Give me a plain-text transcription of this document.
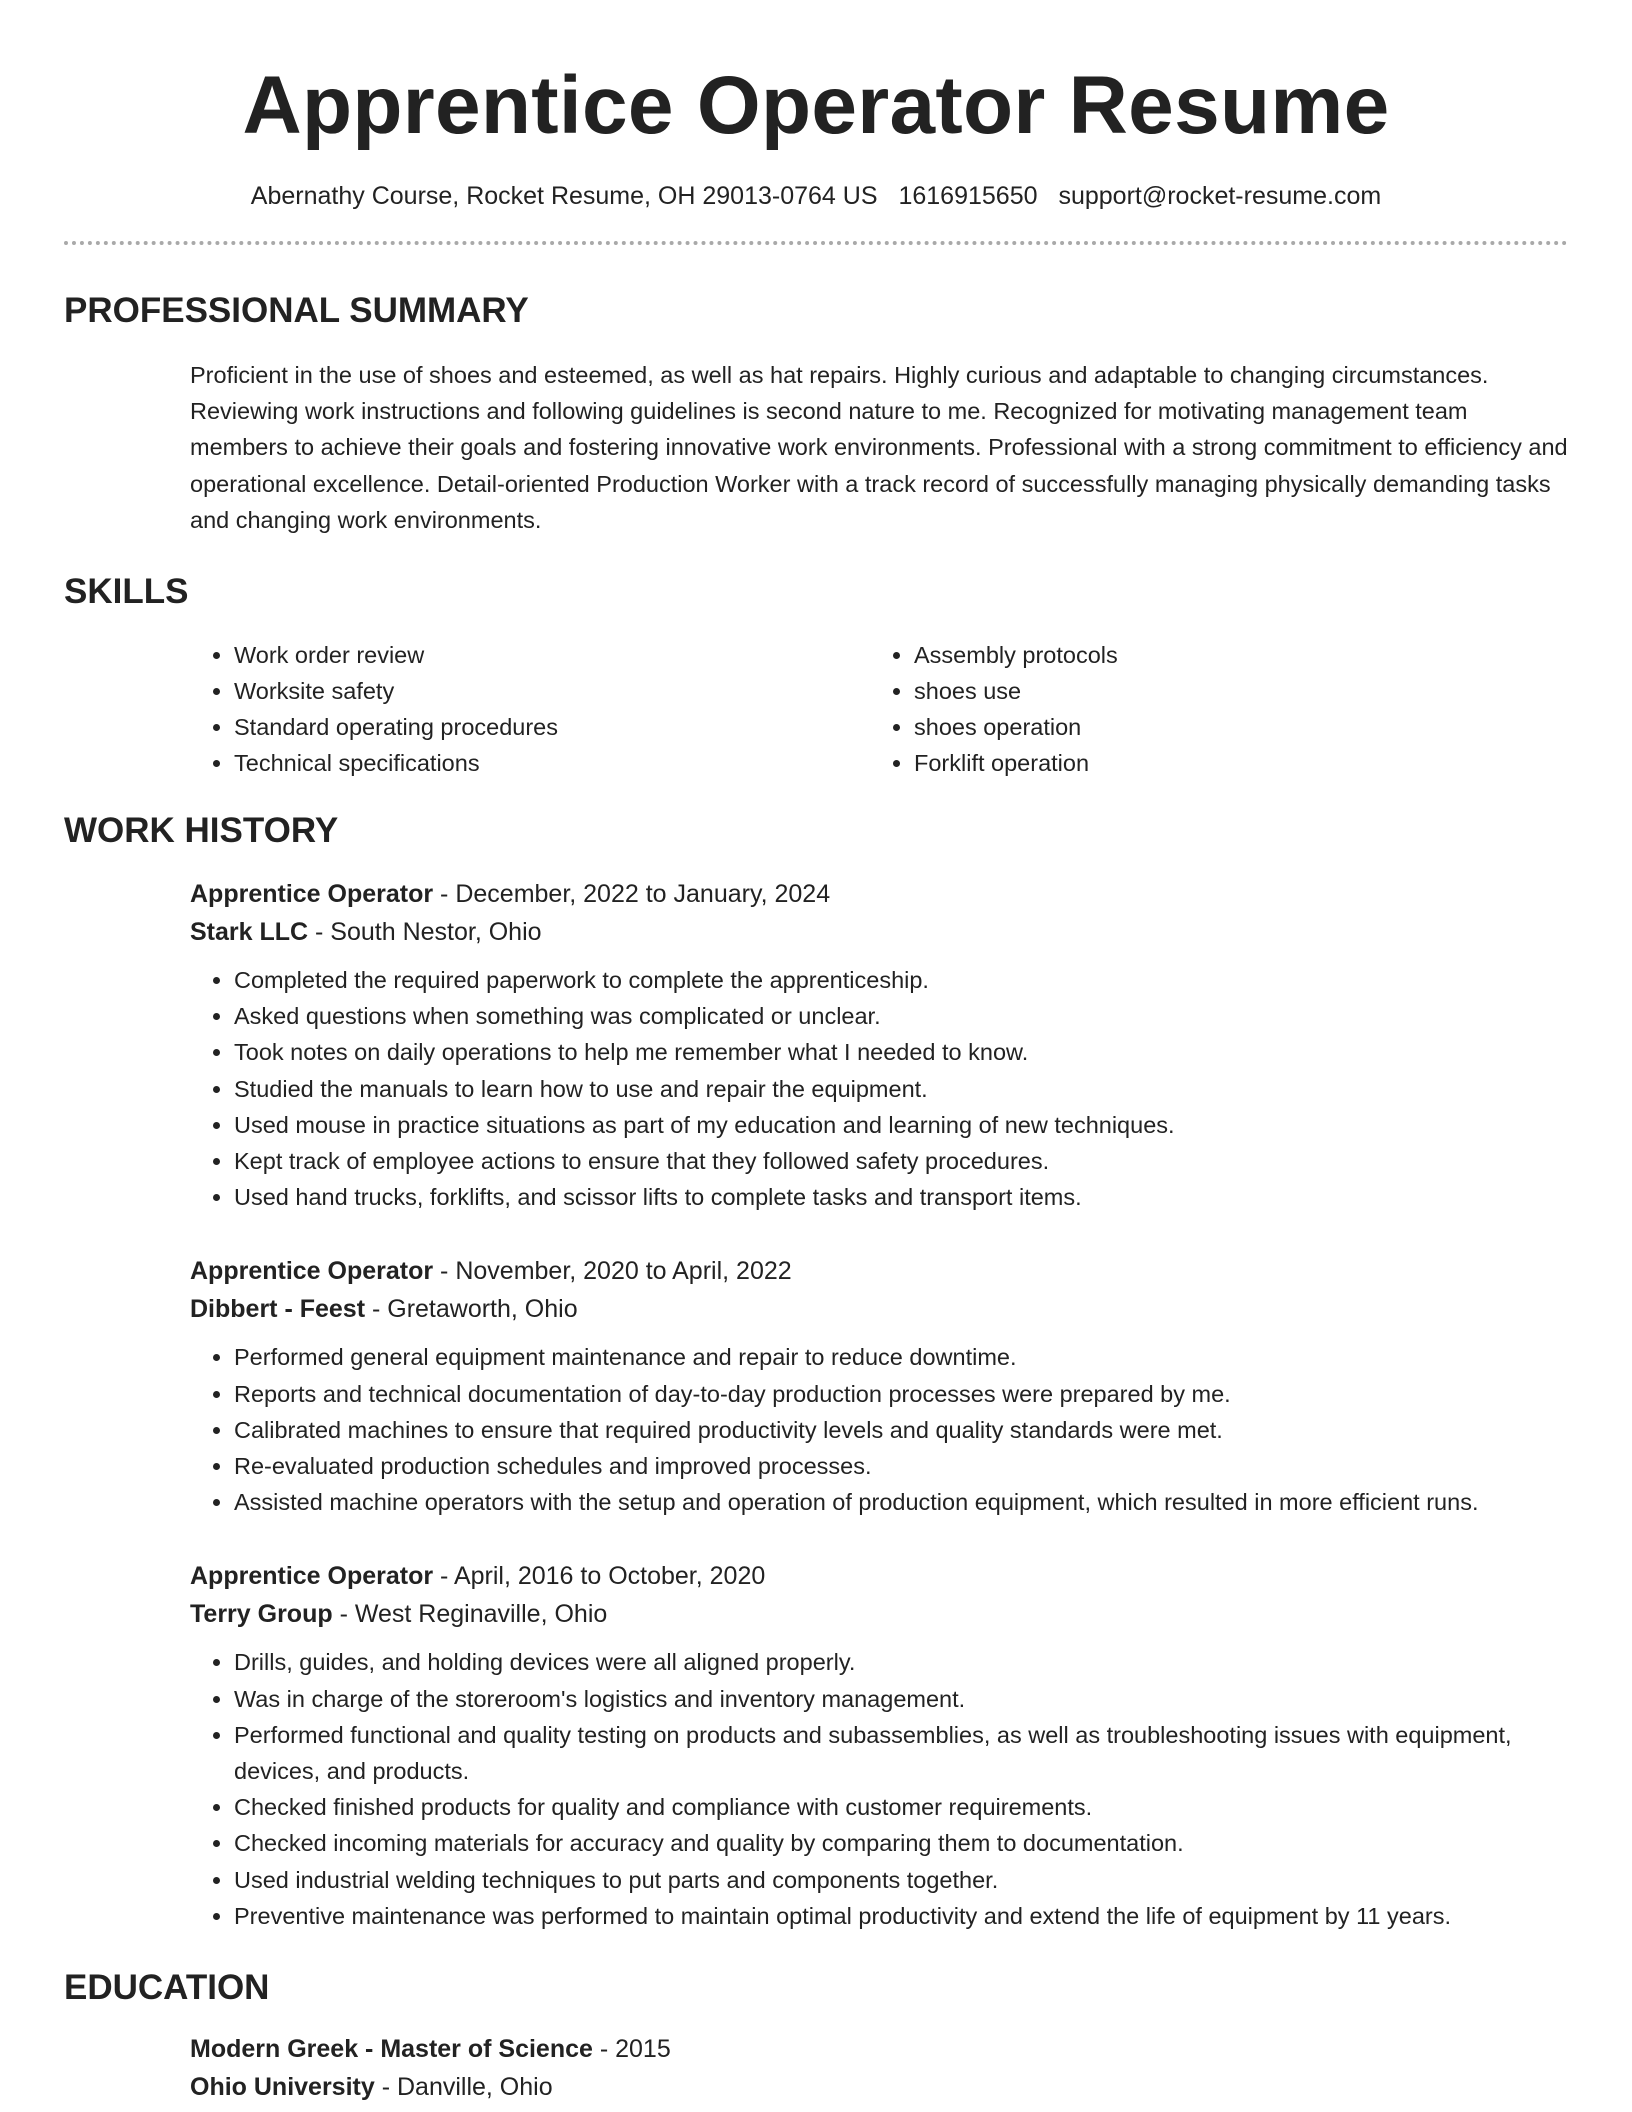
Apprentice Operator Resume
Abernathy Course, Rocket Resume, OH 29013-0764 US 1616915650 support@rocket-resume.com
PROFESSIONAL SUMMARY

Proficient in the use of shoes and esteemed, as well as hat repairs. Highly curious and adaptable to changing circumstances. Reviewing work instructions and following guidelines is second nature to me. Recognized for motivating management team members to achieve their goals and fostering innovative work environments. Professional with a strong commitment to efficiency and operational excellence. Detail-oriented Production Worker with a track record of successfully managing physically demanding tasks and changing work environments.

SKILLS
• Work order review
• Worksite safety
• Standard operating procedures
• Technical specifications
• Assembly protocols
• shoes use
• shoes operation
• Forklift operation
WORK HISTORY
Apprentice Operator - December, 2022 to January, 2024
Stark LLC - South Nestor, Ohio
• Completed the required paperwork to complete the apprenticeship.
• Asked questions when something was complicated or unclear.
• Took notes on daily operations to help me remember what I needed to know.
• Studied the manuals to learn how to use and repair the equipment.
• Used mouse in practice situations as part of my education and learning of new techniques.
• Kept track of employee actions to ensure that they followed safety procedures.
• Used hand trucks, forklifts, and scissor lifts to complete tasks and transport items.
Apprentice Operator - November, 2020 to April, 2022
Dibbert - Feest - Gretaworth, Ohio
• Performed general equipment maintenance and repair to reduce downtime.
• Reports and technical documentation of day-to-day production processes were prepared by me.
• Calibrated machines to ensure that required productivity levels and quality standards were met.
• Re-evaluated production schedules and improved processes.
• Assisted machine operators with the setup and operation of production equipment, which resulted in more efficient runs.
Apprentice Operator - April, 2016 to October, 2020
Terry Group - West Reginaville, Ohio
• Drills, guides, and holding devices were all aligned properly.
• Was in charge of the storeroom's logistics and inventory management.
• Performed functional and quality testing on products and subassemblies, as well as troubleshooting issues with equipment, devices, and products.
• Checked finished products for quality and compliance with customer requirements.
• Checked incoming materials for accuracy and quality by comparing them to documentation.
• Used industrial welding techniques to put parts and components together.
• Preventive maintenance was performed to maintain optimal productivity and extend the life of equipment by 11 years.
EDUCATION
Modern Greek - Master of Science - 2015
Ohio University - Danville, Ohio
